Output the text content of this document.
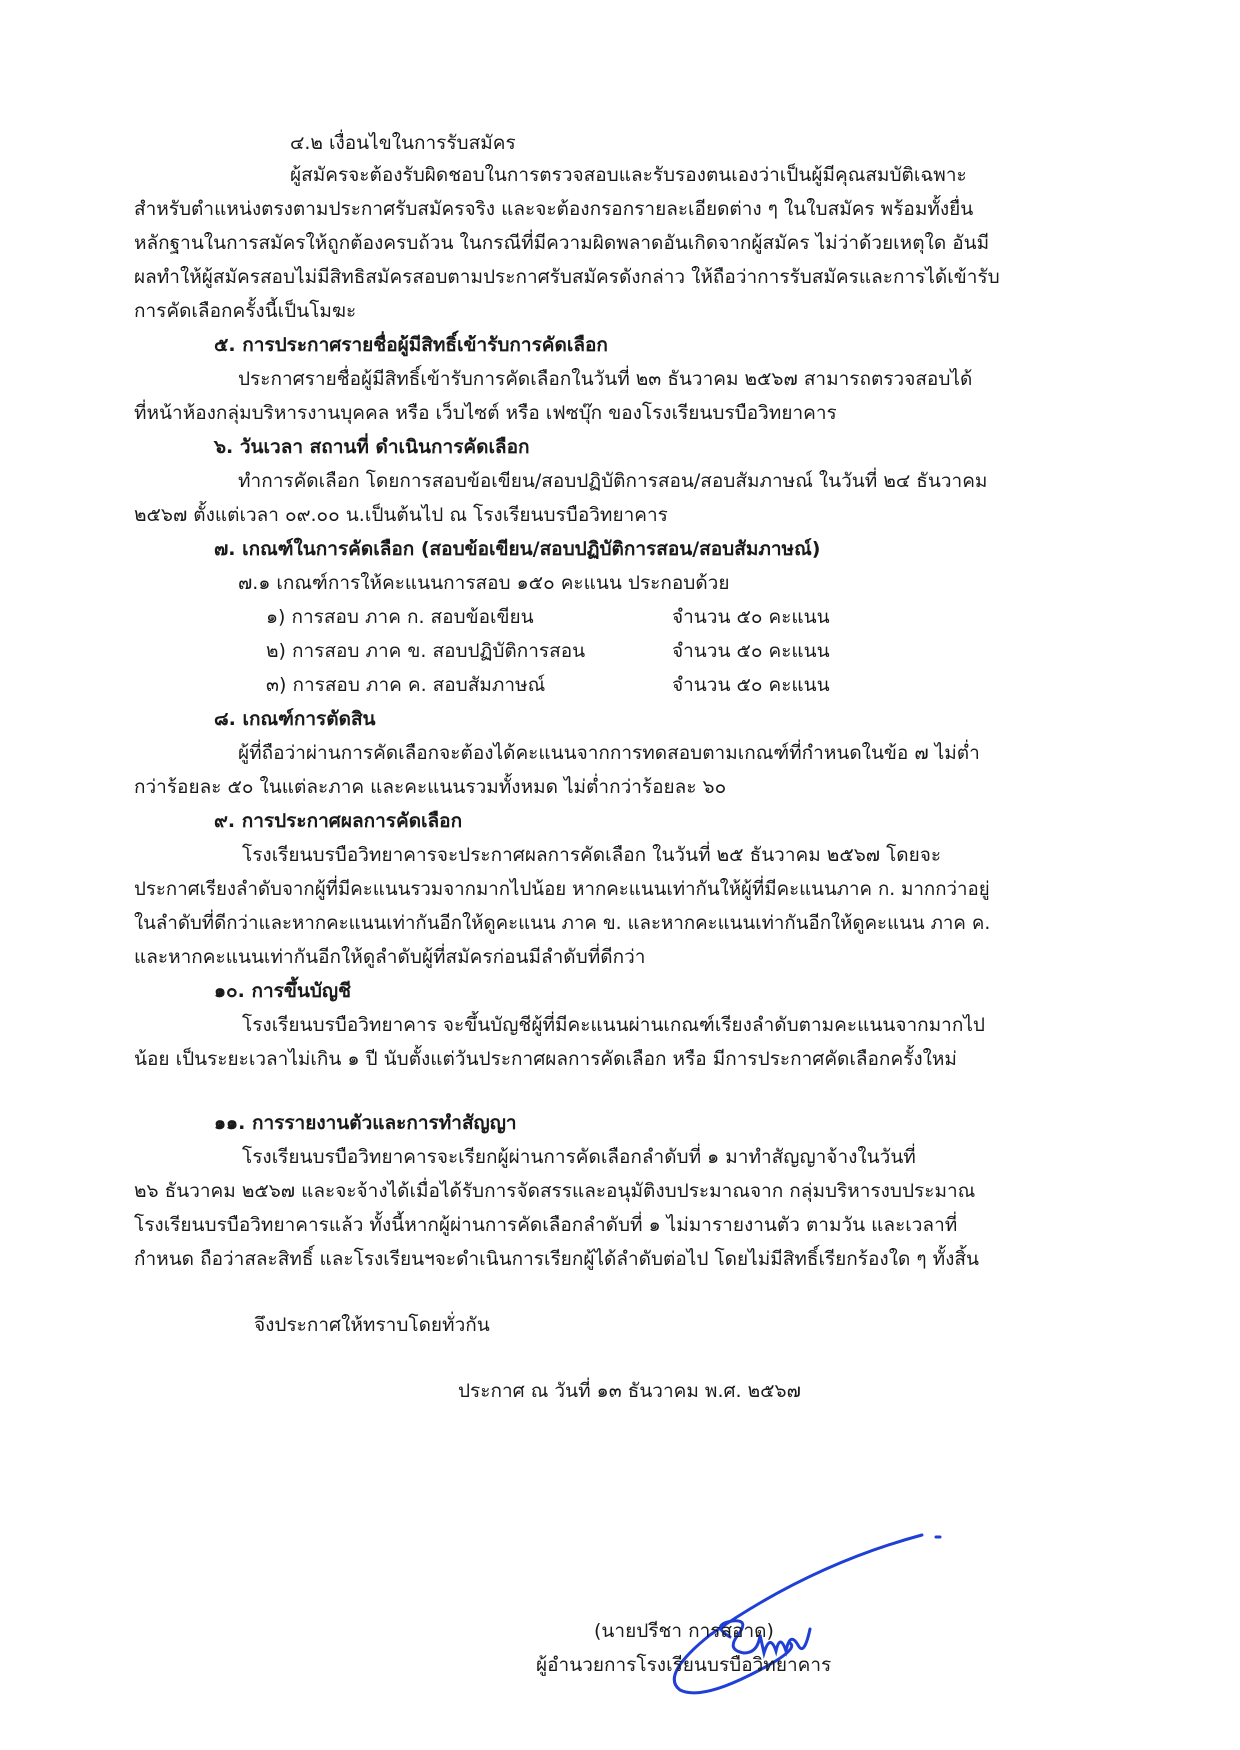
๔.๒ เงื่อนไขในการรับสมัคร
ผู้สมัครจะต้องรับผิดชอบในการตรวจสอบและรับรองตนเองว่าเป็นผู้มีคุณสมบัติเฉพาะ
สำหรับตำแหน่งตรงตามประกาศรับสมัครจริง และจะต้องกรอกรายละเอียดต่าง ๆ ในใบสมัคร พร้อมทั้งยื่น
หลักฐานในการสมัครให้ถูกต้องครบถ้วน ในกรณีที่มีความผิดพลาดอันเกิดจากผู้สมัคร ไม่ว่าด้วยเหตุใด อันมี
ผลทำให้ผู้สมัครสอบไม่มีสิทธิสมัครสอบตามประกาศรับสมัครดังกล่าว ให้ถือว่าการรับสมัครและการได้เข้ารับ
การคัดเลือกครั้งนี้เป็นโมฆะ
๕. การประกาศรายชื่อผู้มีสิทธิ์เข้ารับการคัดเลือก
ประกาศรายชื่อผู้มีสิทธิ์เข้ารับการคัดเลือกในวันที่ ๒๓ ธันวาคม ๒๕๖๗ สามารถตรวจสอบได้
ที่หน้าห้องกลุ่มบริหารงานบุคคล หรือ เว็บไซต์ หรือ เฟซบุ๊ก ของโรงเรียนบรบือวิทยาคาร
๖. วันเวลา สถานที่ ดำเนินการคัดเลือก
ทำการคัดเลือก โดยการสอบข้อเขียน/สอบปฏิบัติการสอน/สอบสัมภาษณ์ ในวันที่ ๒๔ ธันวาคม
๒๕๖๗ ตั้งแต่เวลา ๐๙.๐๐ น.เป็นต้นไป ณ โรงเรียนบรบือวิทยาคาร
๗. เกณฑ์ในการคัดเลือก (สอบข้อเขียน/สอบปฏิบัติการสอน/สอบสัมภาษณ์)
๗.๑ เกณฑ์การให้คะแนนการสอบ ๑๕๐ คะแนน ประกอบด้วย
๑) การสอบ ภาค ก. สอบข้อเขียน	จำนวน ๕๐ คะแนน
๒) การสอบ ภาค ข. สอบปฏิบัติการสอน	จำนวน ๕๐ คะแนน
๓) การสอบ ภาค ค. สอบสัมภาษณ์	จำนวน ๕๐ คะแนน
๘. เกณฑ์การตัดสิน
ผู้ที่ถือว่าผ่านการคัดเลือกจะต้องได้คะแนนจากการทดสอบตามเกณฑ์ที่กำหนดในข้อ ๗ ไม่ต่ำ
กว่าร้อยละ ๕๐ ในแต่ละภาค และคะแนนรวมทั้งหมด ไม่ต่ำกว่าร้อยละ ๖๐
๙. การประกาศผลการคัดเลือก
โรงเรียนบรบือวิทยาคารจะประกาศผลการคัดเลือก ในวันที่ ๒๕ ธันวาคม ๒๕๖๗ โดยจะ
ประกาศเรียงลำดับจากผู้ที่มีคะแนนรวมจากมากไปน้อย หากคะแนนเท่ากันให้ผู้ที่มีคะแนนภาค ก. มากกว่าอยู่
ในลำดับที่ดีกว่าและหากคะแนนเท่ากันอีกให้ดูคะแนน ภาค ข. และหากคะแนนเท่ากันอีกให้ดูคะแนน ภาค ค.
และหากคะแนนเท่ากันอีกให้ดูลำดับผู้ที่สมัครก่อนมีลำดับที่ดีกว่า
๑๐. การขึ้นบัญชี
โรงเรียนบรบือวิทยาคาร จะขึ้นบัญชีผู้ที่มีคะแนนผ่านเกณฑ์เรียงลำดับตามคะแนนจากมากไป
น้อย เป็นระยะเวลาไม่เกิน ๑ ปี นับตั้งแต่วันประกาศผลการคัดเลือก หรือ มีการประกาศคัดเลือกครั้งใหม่
๑๑. การรายงานตัวและการทำสัญญา
โรงเรียนบรบือวิทยาคารจะเรียกผู้ผ่านการคัดเลือกลำดับที่ ๑ มาทำสัญญาจ้างในวันที่
๒๖ ธันวาคม ๒๕๖๗ และจะจ้างได้เมื่อได้รับการจัดสรรและอนุมัติงบประมาณจาก กลุ่มบริหารงบประมาณ
โรงเรียนบรบือวิทยาคารแล้ว ทั้งนี้หากผู้ผ่านการคัดเลือกลำดับที่ ๑ ไม่มารายงานตัว ตามวัน และเวลาที่
กำหนด ถือว่าสละสิทธิ์ และโรงเรียนฯจะดำเนินการเรียกผู้ได้ลำดับต่อไป โดยไม่มีสิทธิ์เรียกร้องใด ๆ ทั้งสิ้น
จึงประกาศให้ทราบโดยทั่วกัน
ประกาศ ณ วันที่ ๑๓ ธันวาคม พ.ศ. ๒๕๖๗
(นายปรีชา การสอาด)
ผู้อำนวยการโรงเรียนบรบือวิทยาคาร
